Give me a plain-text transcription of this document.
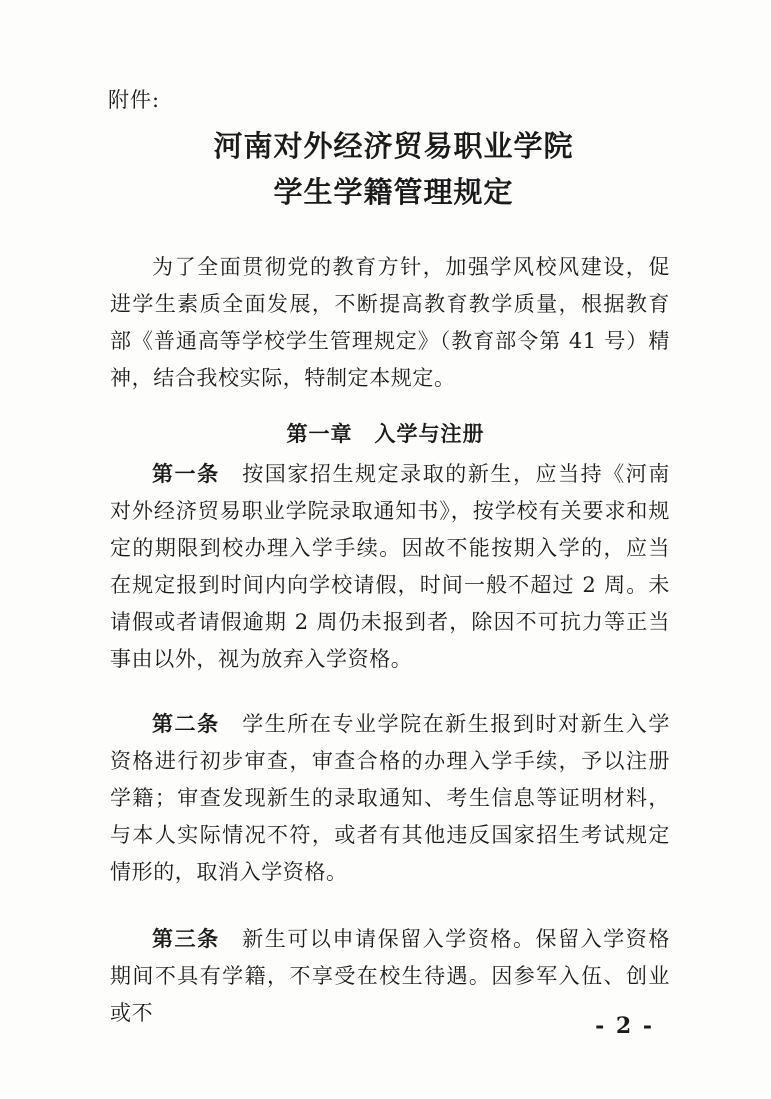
附件:
河南对外经济贸易职业学院
学生学籍管理规定

为了全面贯彻党的教育方针，加强学风校风建设，促进学生素质全面发展，不断提高教育教学质量，根据教育部《普通高等学校学生管理规定》（教育部令第 41 号）精神，结合我校实际，特制定本规定。

第一章　入学与注册

第一条　 按国家招生规定录取的新生，应当持《河南对外经济贸易职业学院录取通知书》，按学校有关要求和规定的期限到校办理入学手续。因故不能按期入学的，应当在规定报到时间内向学校请假，时间一般不超过 2 周。未请假或者请假逾期 2 周仍未报到者，除因不可抗力等正当事由以外，视为放弃入学资格。

第二条　 学生所在专业学院在新生报到时对新生入学资格进行初步审查，审查合格的办理入学手续，予以注册学籍；审查发现新生的录取通知、考生信息等证明材料，与本人实际情况不符，或者有其他违反国家招生考试规定情形的，取消入学资格。

第三条　 新生可以申请保留入学资格。保留入学资格期间不具有学籍，不享受在校生待遇。因参军入伍、创业或不	- 2 -
